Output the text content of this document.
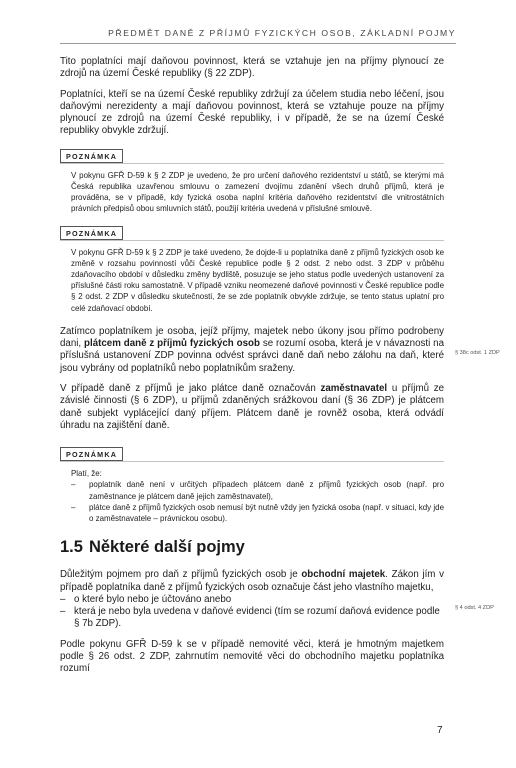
PŘEDMĚT DANĚ Z PŘÍJMŮ FYZICKÝCH OSOB, ZÁKLADNÍ POJMY

Tito poplatníci mají daňovou povinnost, která se vztahuje jen na příjmy plynoucí ze zdrojů na území České republiky (§ 22 ZDP).

Poplatníci, kteří se na území České republiky zdržují za účelem studia nebo léčení, jsou daňovými nerezidenty a mají daňovou povinnost, která se vztahuje pouze na příjmy plynoucí ze zdrojů na území České republiky, i v případě, že se na území České republiky obvykle zdržují.

POZNÁMKA
V pokynu GFŘ D-59 k § 2 ZDP je uvedeno, že pro určení daňového rezidentství u států, se kterými má Česká republika uzavřenou smlouvu o zamezení dvojímu zdanění všech druhů příjmů, která je prováděna, se v případě, kdy fyzická osoba naplní kritéria daňového rezidentství dle vnitrostátních právních předpisů obou smluvních států, použijí kritéria uvedená v příslušné smlouvě.
POZNÁMKA
V pokynu GFŘ D-59 k § 2 ZDP je také uvedeno, že dojde-li u poplatníka daně z příjmů fyzických osob ke změně v rozsahu povinností vůči České republice podle § 2 odst. 2 nebo odst. 3 ZDP v průběhu zdaňovacího období v důsledku změny bydliště, posuzuje se jeho status podle uvedených ustanovení za příslušné části roku samostatně. V případě vzniku neomezené daňové povinnosti v České republice podle § 2 odst. 2 ZDP v důsledku skutečnosti, že se zde poplatník obvykle zdržuje, se tento status uplatní pro celé zdaňovací období.

Zatímco poplatníkem je osoba, jejíž příjmy, majetek nebo úkony jsou přímo podrobeny dani, plátcem daně z příjmů fyzických osob se rozumí osoba, která je v návaznosti na příslušná ustanovení ZDP povinna odvést správci daně daň nebo zálohu na daň, které jsou vybrány od poplatníků nebo poplatníkům sraženy.

V případě daně z příjmů je jako plátce daně označován zaměstnavatel u příjmů ze závislé činnosti (§ 6 ZDP), u příjmů zdaněných srážkovou daní (§ 36 ZDP) je plátcem daně subjekt vyplácející daný příjem. Plátcem daně je rovněž osoba, která odvádí úhradu na zajištění daně.

POZNÁMKA
Platí, že:
– poplatník daně není v určitých případech plátcem daně z příjmů fyzických osob (např. pro zaměstnance je plátcem daně jejich zaměstnavatel),
– plátce daně z příjmů fyzických osob nemusí být nutně vždy jen fyzická osoba (např. v situaci, kdy jde o zaměstnavatele – právnickou osobu).
1.5 Některé další pojmy

Důležitým pojmem pro daň z příjmů fyzických osob je obchodní majetek. Zákon jím v případě poplatníka daně z příjmů fyzických osob označuje část jeho vlastního majetku,

– o které bylo nebo je účtováno anebo
– která je nebo byla uvedena v daňové evidenci (tím se rozumí daňová evidence podle § 7b ZDP).

Podle pokynu GFŘ D-59 k se v případě nemovité věci, která je hmotným majetkem podle § 26 odst. 2 ZDP, zahrnutím nemovité věci do obchodního majetku poplatníka rozumí

§ 38c odst. 1 ZDP
§ 4 odst. 4 ZDP
7
